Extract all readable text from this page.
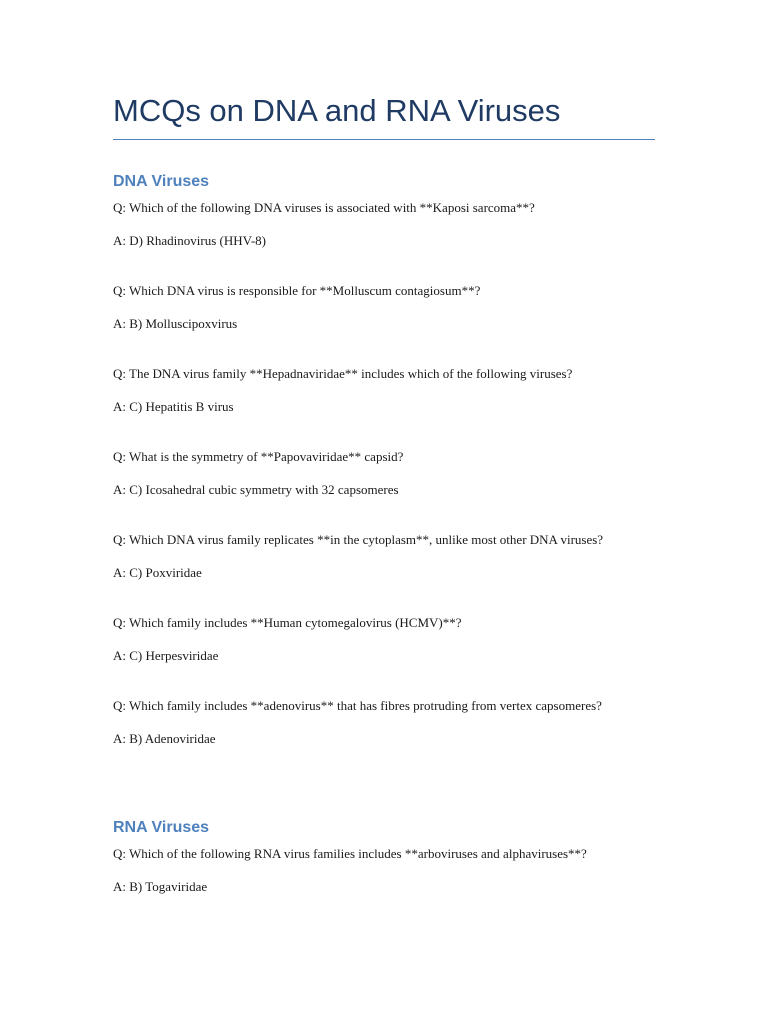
MCQs on DNA and RNA Viruses
DNA Viruses

Q: Which of the following DNA viruses is associated with **Kaposi sarcoma**?

A: D) Rhadinovirus (HHV-8)

Q: Which DNA virus is responsible for **Molluscum contagiosum**?

A: B) Molluscipoxvirus

Q: The DNA virus family **Hepadnaviridae** includes which of the following viruses?

A: C) Hepatitis B virus

Q: What is the symmetry of **Papovaviridae** capsid?

A: C) Icosahedral cubic symmetry with 32 capsomeres

Q: Which DNA virus family replicates **in the cytoplasm**, unlike most other DNA viruses?

A: C) Poxviridae

Q: Which family includes **Human cytomegalovirus (HCMV)**?

A: C) Herpesviridae

Q: Which family includes **adenovirus** that has fibres protruding from vertex capsomeres?

A: B) Adenoviridae

RNA Viruses

Q: Which of the following RNA virus families includes **arboviruses and alphaviruses**?

A: B) Togaviridae
